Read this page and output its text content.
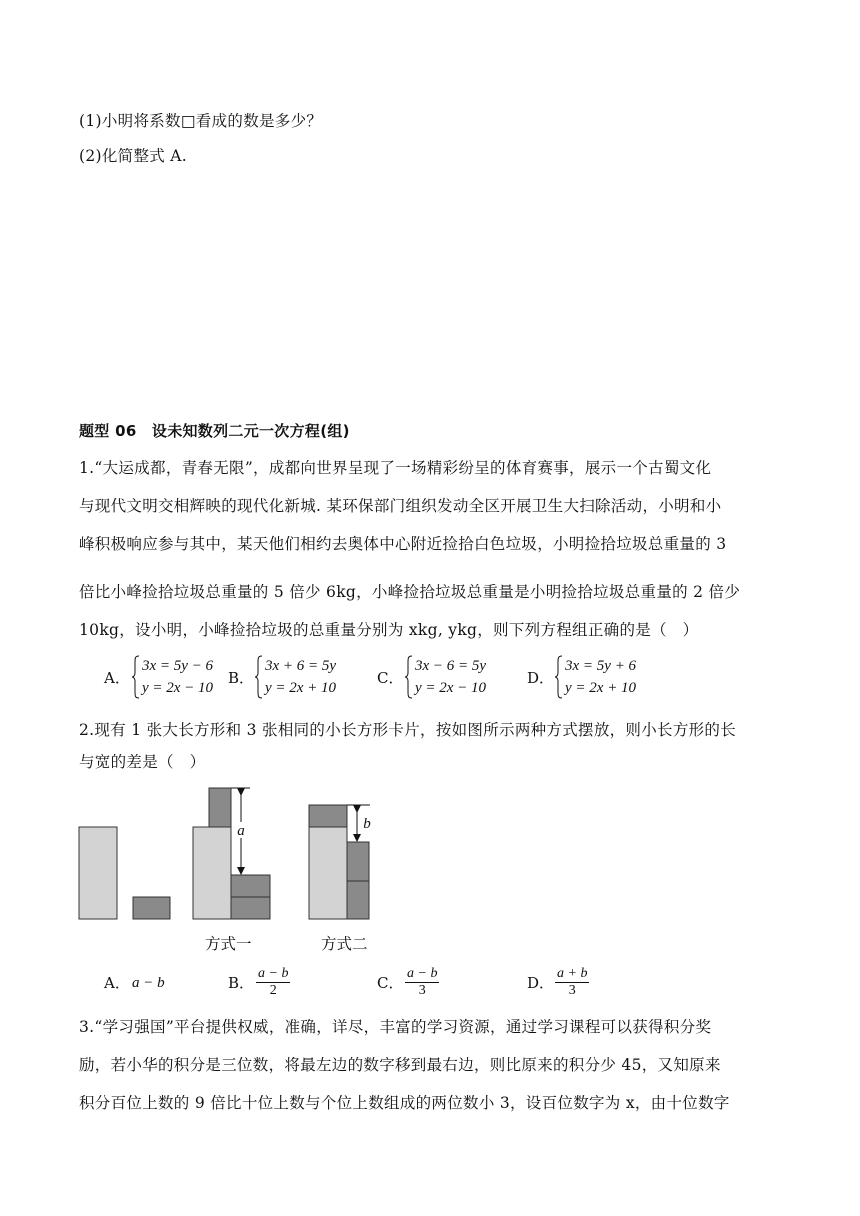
(1)小明将系数□看成的数是多少？
(2)化简整式 A.
题型 06　设未知数列二元一次方程(组)
1.“大运成都，青春无限”，成都向世界呈现了一场精彩纷呈的体育赛事，展示一个古蜀文化
与现代文明交相辉映的现代化新城. 某环保部门组织发动全区开展卫生大扫除活动，小明和小
峰积极响应参与其中，某天他们相约去奥体中心附近捡拾白色垃圾，小明捡拾垃圾总重量的 3
倍比小峰捡拾垃圾总重量的 5 倍少 6kg，小峰捡拾垃圾总重量是小明捡拾垃圾总重量的 2 倍少
10kg，设小明，小峰捡拾垃圾的总重量分别为 xkg, ykg，则下列方程组正确的是（　）
A．
3x = 5y − 6
y = 2x − 10
B．
3x + 6 = 5y
y = 2x + 10
C．
3x − 6 = 5y
y = 2x − 10
D．
3x = 5y + 6
y = 2x + 10
2.现有 1 张大长方形和 3 张相同的小长方形卡片，按如图所示两种方式摆放，则小长方形的长
与宽的差是（　）
a	b
方式一	方式二
A． a − b	B． $\frac{a - b}{2}$	C． $\frac{a - b}{3}$	D． $\frac{a + b}{3}$
3.“学习强国”平台提供权威，准确，详尽，丰富的学习资源，通过学习课程可以获得积分奖
励，若小华的积分是三位数，将最左边的数字移到最右边，则比原来的积分少 45，又知原来
积分百位上数的 9 倍比十位上数与个位上数组成的两位数小 3，设百位数字为 x，由十位数字
